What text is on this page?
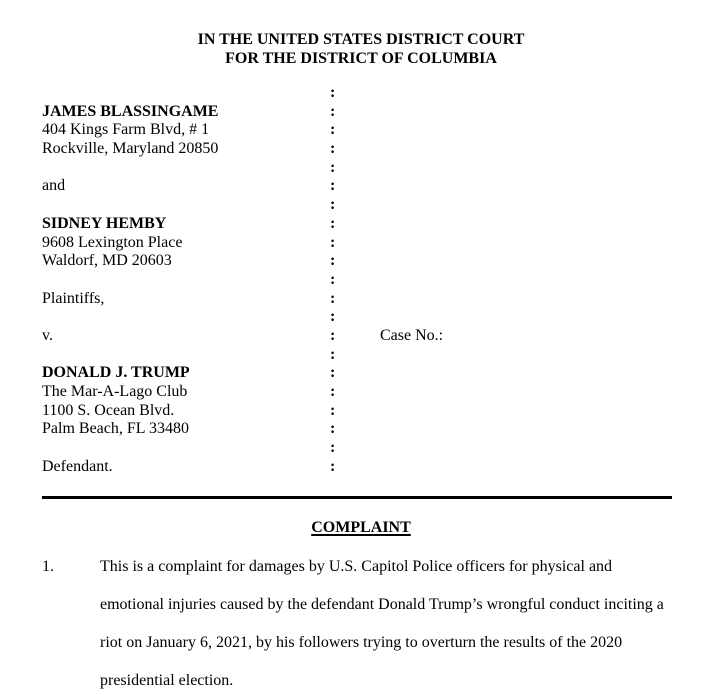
IN THE UNITED STATES DISTRICT COURT
FOR THE DISTRICT OF COLUMBIA
:
JAMES BLASSINGAME	:
404 Kings Farm Blvd, # 1	:
Rockville, Maryland 20850	:
:
and	:
:
SIDNEY HEMBY	:
9608 Lexington Place	:
Waldorf, MD 20603	:
:
Plaintiffs,	:
:
v.	:	Case No.:
:
DONALD J. TRUMP	:
The Mar-A-Lago Club	:
1100 S. Ocean Blvd.	:
Palm Beach, FL 33480	:
:
Defendant.	:
COMPLAINT
1.	This is a complaint for damages by U.S. Capitol Police officers for physical and
emotional injuries caused by the defendant Donald Trump’s wrongful conduct inciting a
riot on January 6, 2021, by his followers trying to overturn the results of the 2020
presidential election.
